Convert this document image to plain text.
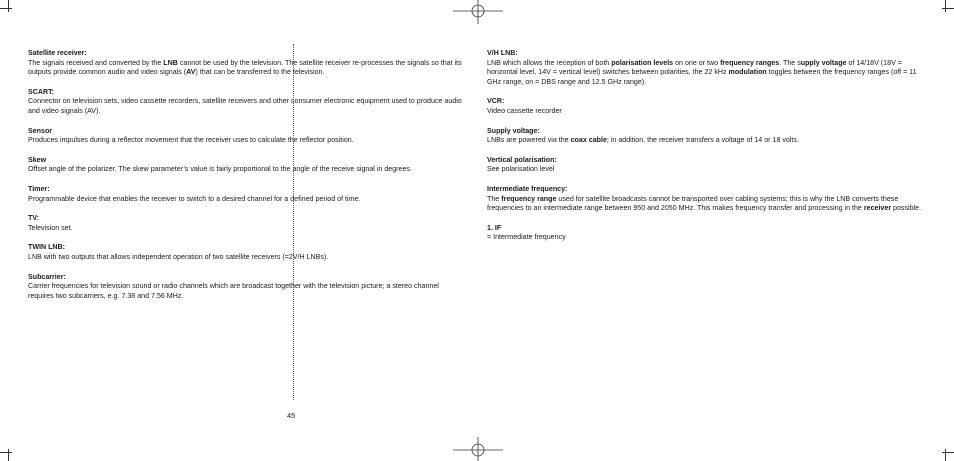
Satellite receiver:
The signals received and converted by the LNB cannot be used by the television. The satellite receiver re-processes the signals so that its outputs provide common audio and video signals (AV) that can be transferred to the television.
SCART:
Connector on television sets, video cassette recorders, satellite receivers and other consumer electronic equipment used to produce audio and video signals (AV).
Sensor
Produces impulses during a reflector movement that the receiver uses to calculate the reflector position.
Skew
Offset angle of the polarizer. The skew parameter’s value is fairly proportional to the angle of the receive signal in degrees.
Timer:
Programmable device that enables the receiver to switch to a desired channel for a defined period of time.
TV:
Television set.
TWIN LNB:
LNB with two outputs that allows independent operation of two satellite receivers (=2V/H LNBs).
Subcarrier:
Carrier frequencies for television sound or radio channels which are broadcast together with the television picture; a stereo channel requires two subcarriers, e.g. 7.38 and 7.56 MHz.
V/H LNB:
LNB which allows the reception of both polarisation levels on one or two frequency ranges. The supply voltage of 14/18V (18V = horizontal level, 14V = vertical level) switches between polarities, the 22 kHz modulation toggles between the frequency ranges (off = 11 GHz range, on = DBS range and 12.5 GHz range).
VCR:
Video cassette recorder
Supply voltage:
LNBs are powered via the coax cable; in addition, the receiver transfers a voltage of 14 or 18 volts.
Vertical polarisation:
See polarisation level
Intermediate frequency:
The frequency range used for satellite broadcasts cannot be transported over cabling systems; this is why the LNB converts these frequencies to an intermediate range between 950 and 2050 MHz. This makes frequency transfer and processing in the receiver possible.
1. IF
= Intermediate frequency
45
